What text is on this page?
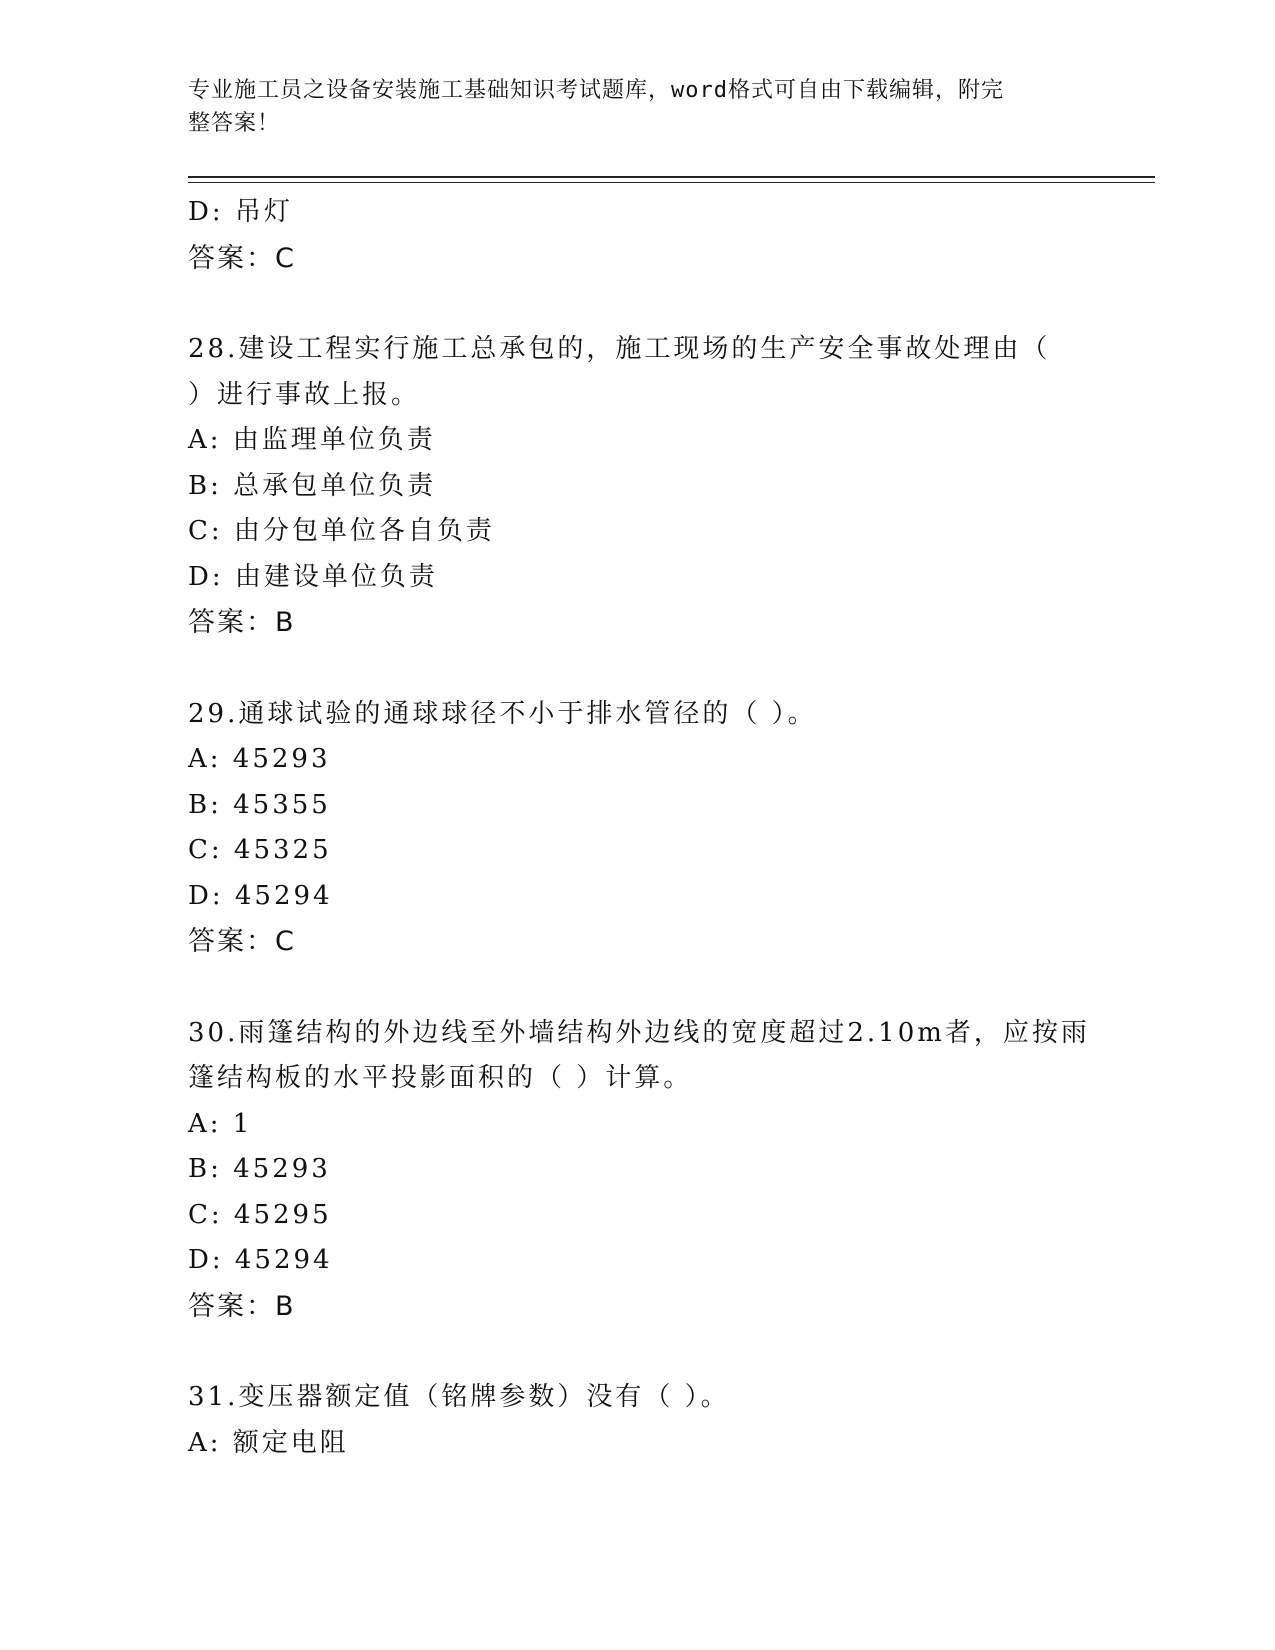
专业施工员之设备安装施工基础知识考试题库，word格式可自由下载编辑，附完
整答案！
D: 吊灯
答案：C
28.建设工程实行施工总承包的，施工现场的生产安全事故处理由（
）进行事故上报。
A: 由监理单位负责
B: 总承包单位负责
C: 由分包单位各自负责
D: 由建设单位负责
答案：B
29.通球试验的通球球径不小于排水管径的（ ）。
A: 45293
B: 45355
C: 45325
D: 45294
答案：C
30.雨篷结构的外边线至外墙结构外边线的宽度超过2.10m者，应按雨
篷结构板的水平投影面积的（ ）计算。
A: 1
B: 45293
C: 45295
D: 45294
答案：B
31.变压器额定值（铭牌参数）没有（ ）。
A: 额定电阻
